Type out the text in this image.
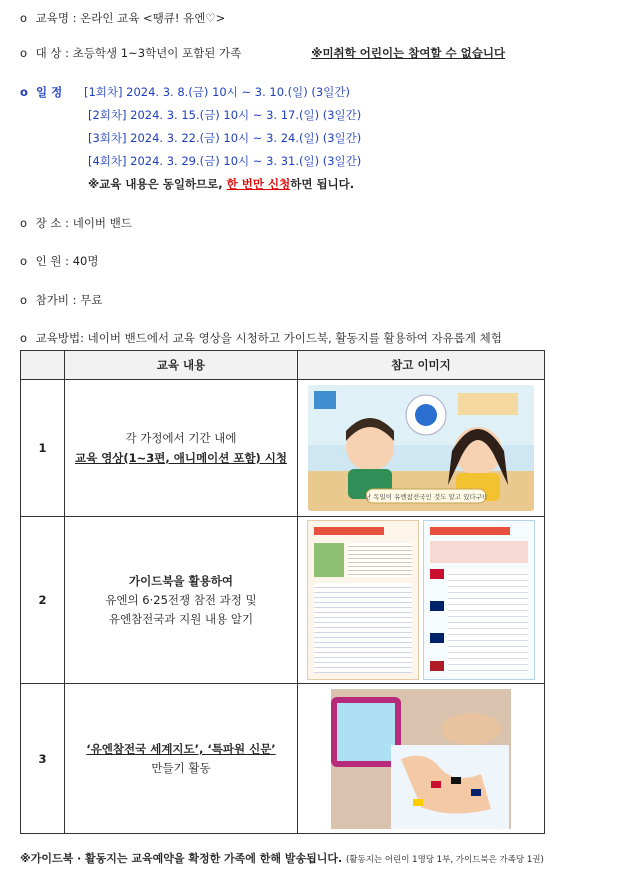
o 교육명 : 온라인 교육 <땡큐! 유엔♡>
o 대 상 : 초등학생 1~3학년이 포함된 가족	※미취학 어린이는 참여할 수 없습니다
o 일 정 [1회차] 2024. 3. 8.(금) 10시 ~ 3. 10.(일) (3일간)
[2회차] 2024. 3. 15.(금) 10시 ~ 3. 17.(일) (3일간)
[3회차] 2024. 3. 22.(금) 10시 ~ 3. 24.(일) (3일간)
[4회차] 2024. 3. 29.(금) 10시 ~ 3. 31.(일) (3일간)
※교육 내용은 동일하므로, 한 번만 신청하면 됩니다.
o 장 소 : 네이버 밴드
o 인 원 : 40명
o 참가비 : 무료
o 교육방법: 네이버 밴드에서 교육 영상을 시청하고 가이드북, 활동지를 활용하여 자유롭게 체험
	교육 내용	참고 이미지
1	각 가정에서 기간 내에
교육 영상(1~3편, 애니메이션 포함) 시청	난 독일이 유엔참전국인 것도 알고 있다구!!

2	가이드북을 활용하여
유엔의 6·25전쟁 참전 과정 및
유엔참전국과 지원 내용 알기	

3	‘유엔참전국 세계지도’, ‘특파원 신문’
만들기 활동

※가이드북 · 활동지는 교육예약을 확정한 가족에 한해 발송됩니다. (활동지는 어린이 1명당 1부, 가이드북은 가족당 1권)
